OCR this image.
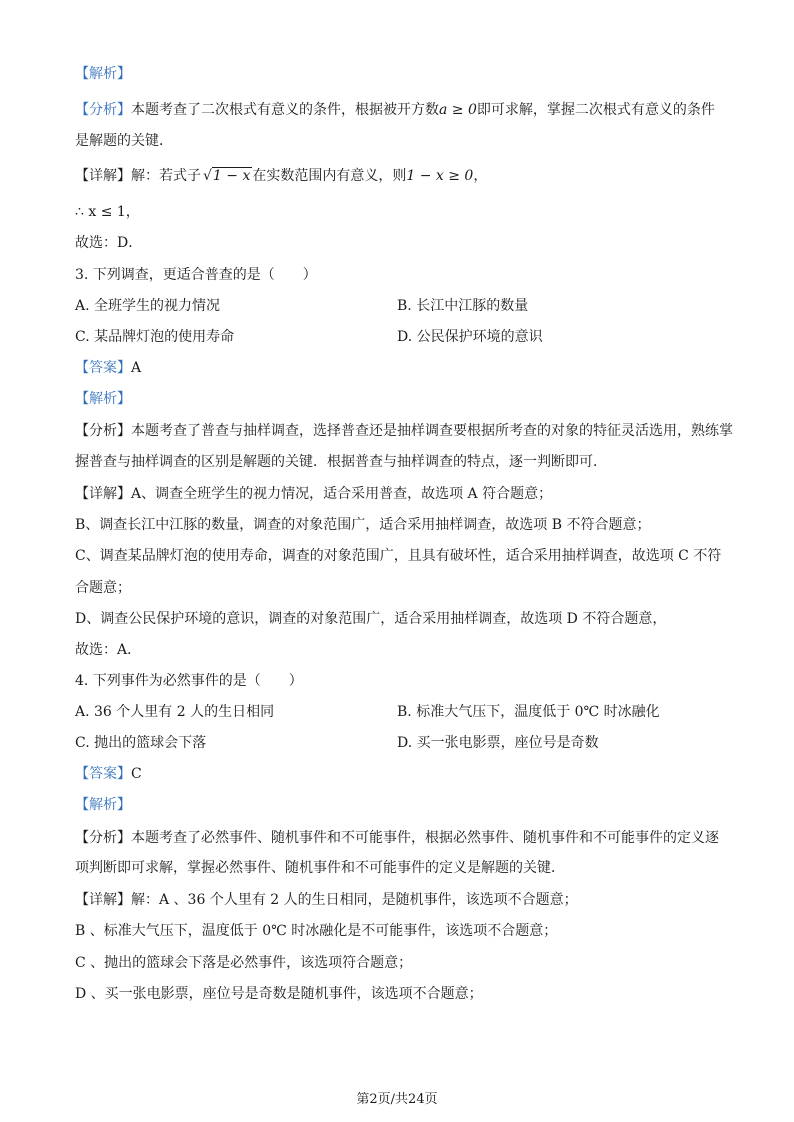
【解析】
【分析】本题考查了二次根式有意义的条件，根据被开方数a ≥ 0即可求解，掌握二次根式有意义的条件
是解题的关键．
【详解】解：若式子 √1 − x 在实数范围内有意义，则1 − x ≥ 0，
∴ x ≤ 1，
故选：D．
3. 下列调查，更适合普查的是（　　）
A. 全班学生的视力情况	B. 长江中江豚的数量
C. 某品牌灯泡的使用寿命	D. 公民保护环境的意识
【答案】A
【解析】
【分析】本题考查了普查与抽样调查，选择普查还是抽样调查要根据所考查的对象的特征灵活选用，熟练掌
握普查与抽样调查的区别是解题的关键．根据普查与抽样调查的特点，逐一判断即可．
【详解】A、调查全班学生的视力情况，适合采用普查，故选项 A 符合题意；
B、调查长江中江豚的数量，调查的对象范围广，适合采用抽样调查，故选项 B 不符合题意；
C、调查某品牌灯泡的使用寿命，调查的对象范围广，且具有破坏性，适合采用抽样调查，故选项 C 不符
合题意；
D、调查公民保护环境的意识，调查的对象范围广，适合采用抽样调查，故选项 D 不符合题意，
故选：A．
4. 下列事件为必然事件的是（　　）
A. 36 个人里有 2 人的生日相同	B. 标准大气压下，温度低于 0℃ 时冰融化
C. 抛出的篮球会下落	D. 买一张电影票，座位号是奇数
【答案】C
【解析】
【分析】本题考查了必然事件、随机事件和不可能事件，根据必然事件、随机事件和不可能事件的定义逐
项判断即可求解，掌握必然事件、随机事件和不可能事件的定义是解题的关键．
【详解】解：A 、36 个人里有 2 人的生日相同，是随机事件，该选项不合题意；
B 、标准大气压下，温度低于 0℃ 时冰融化是不可能事件，该选项不合题意；
C 、抛出的篮球会下落是必然事件，该选项符合题意；
D 、买一张电影票，座位号是奇数是随机事件，该选项不合题意；
第2页/共24页
